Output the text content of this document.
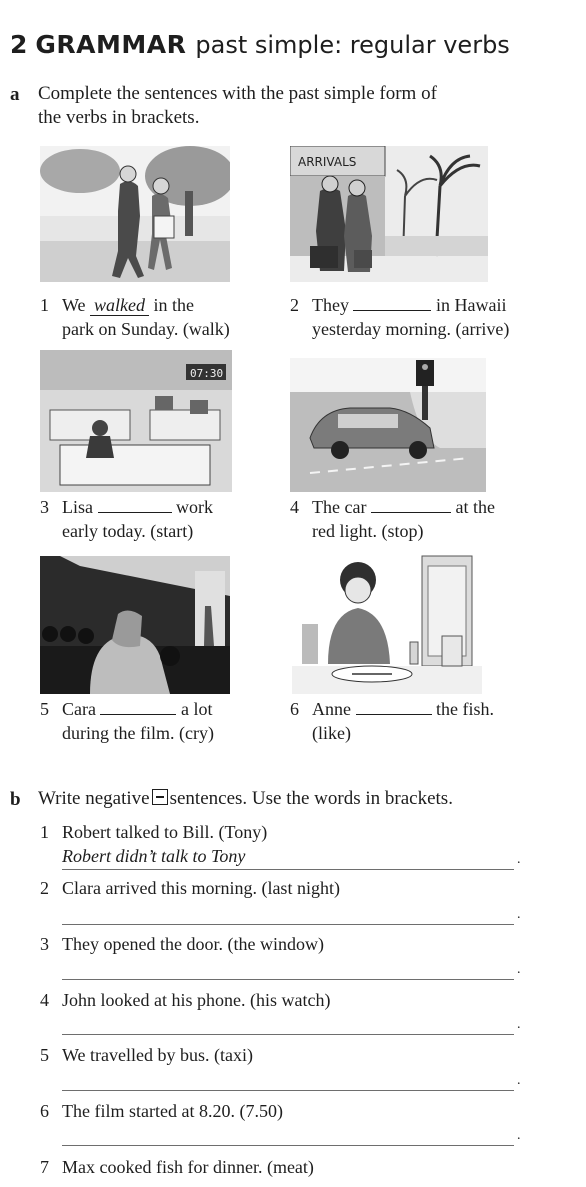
2 GRAMMAR past simple: regular verbs
a Complete the sentences with the past simple form of
the verbs in brackets.
ARRIVALS
1 We walked in the
park on Sunday. (walk)
2 They	in Hawaii
yesterday morning. (arrive)
07:30
3 Lisa	work
early today. (start)
4 The car	at the
red light. (stop)
5 Cara	a lot
during the film. (cry)
6 Anne	the fish.
(like)
b Write negative sentences. Use the words in brackets.
1 Robert talked to Bill. (Tony)
Robert didn’t talk to Tony	.
2 Clara arrived this morning. (last night)
.
3 They opened the door. (the window)
.
4 John looked at his phone. (his watch)
.
5 We travelled by bus. (taxi)
.
6 The film started at 8.20. (7.50)
.
7 Max cooked fish for dinner. (meat)
